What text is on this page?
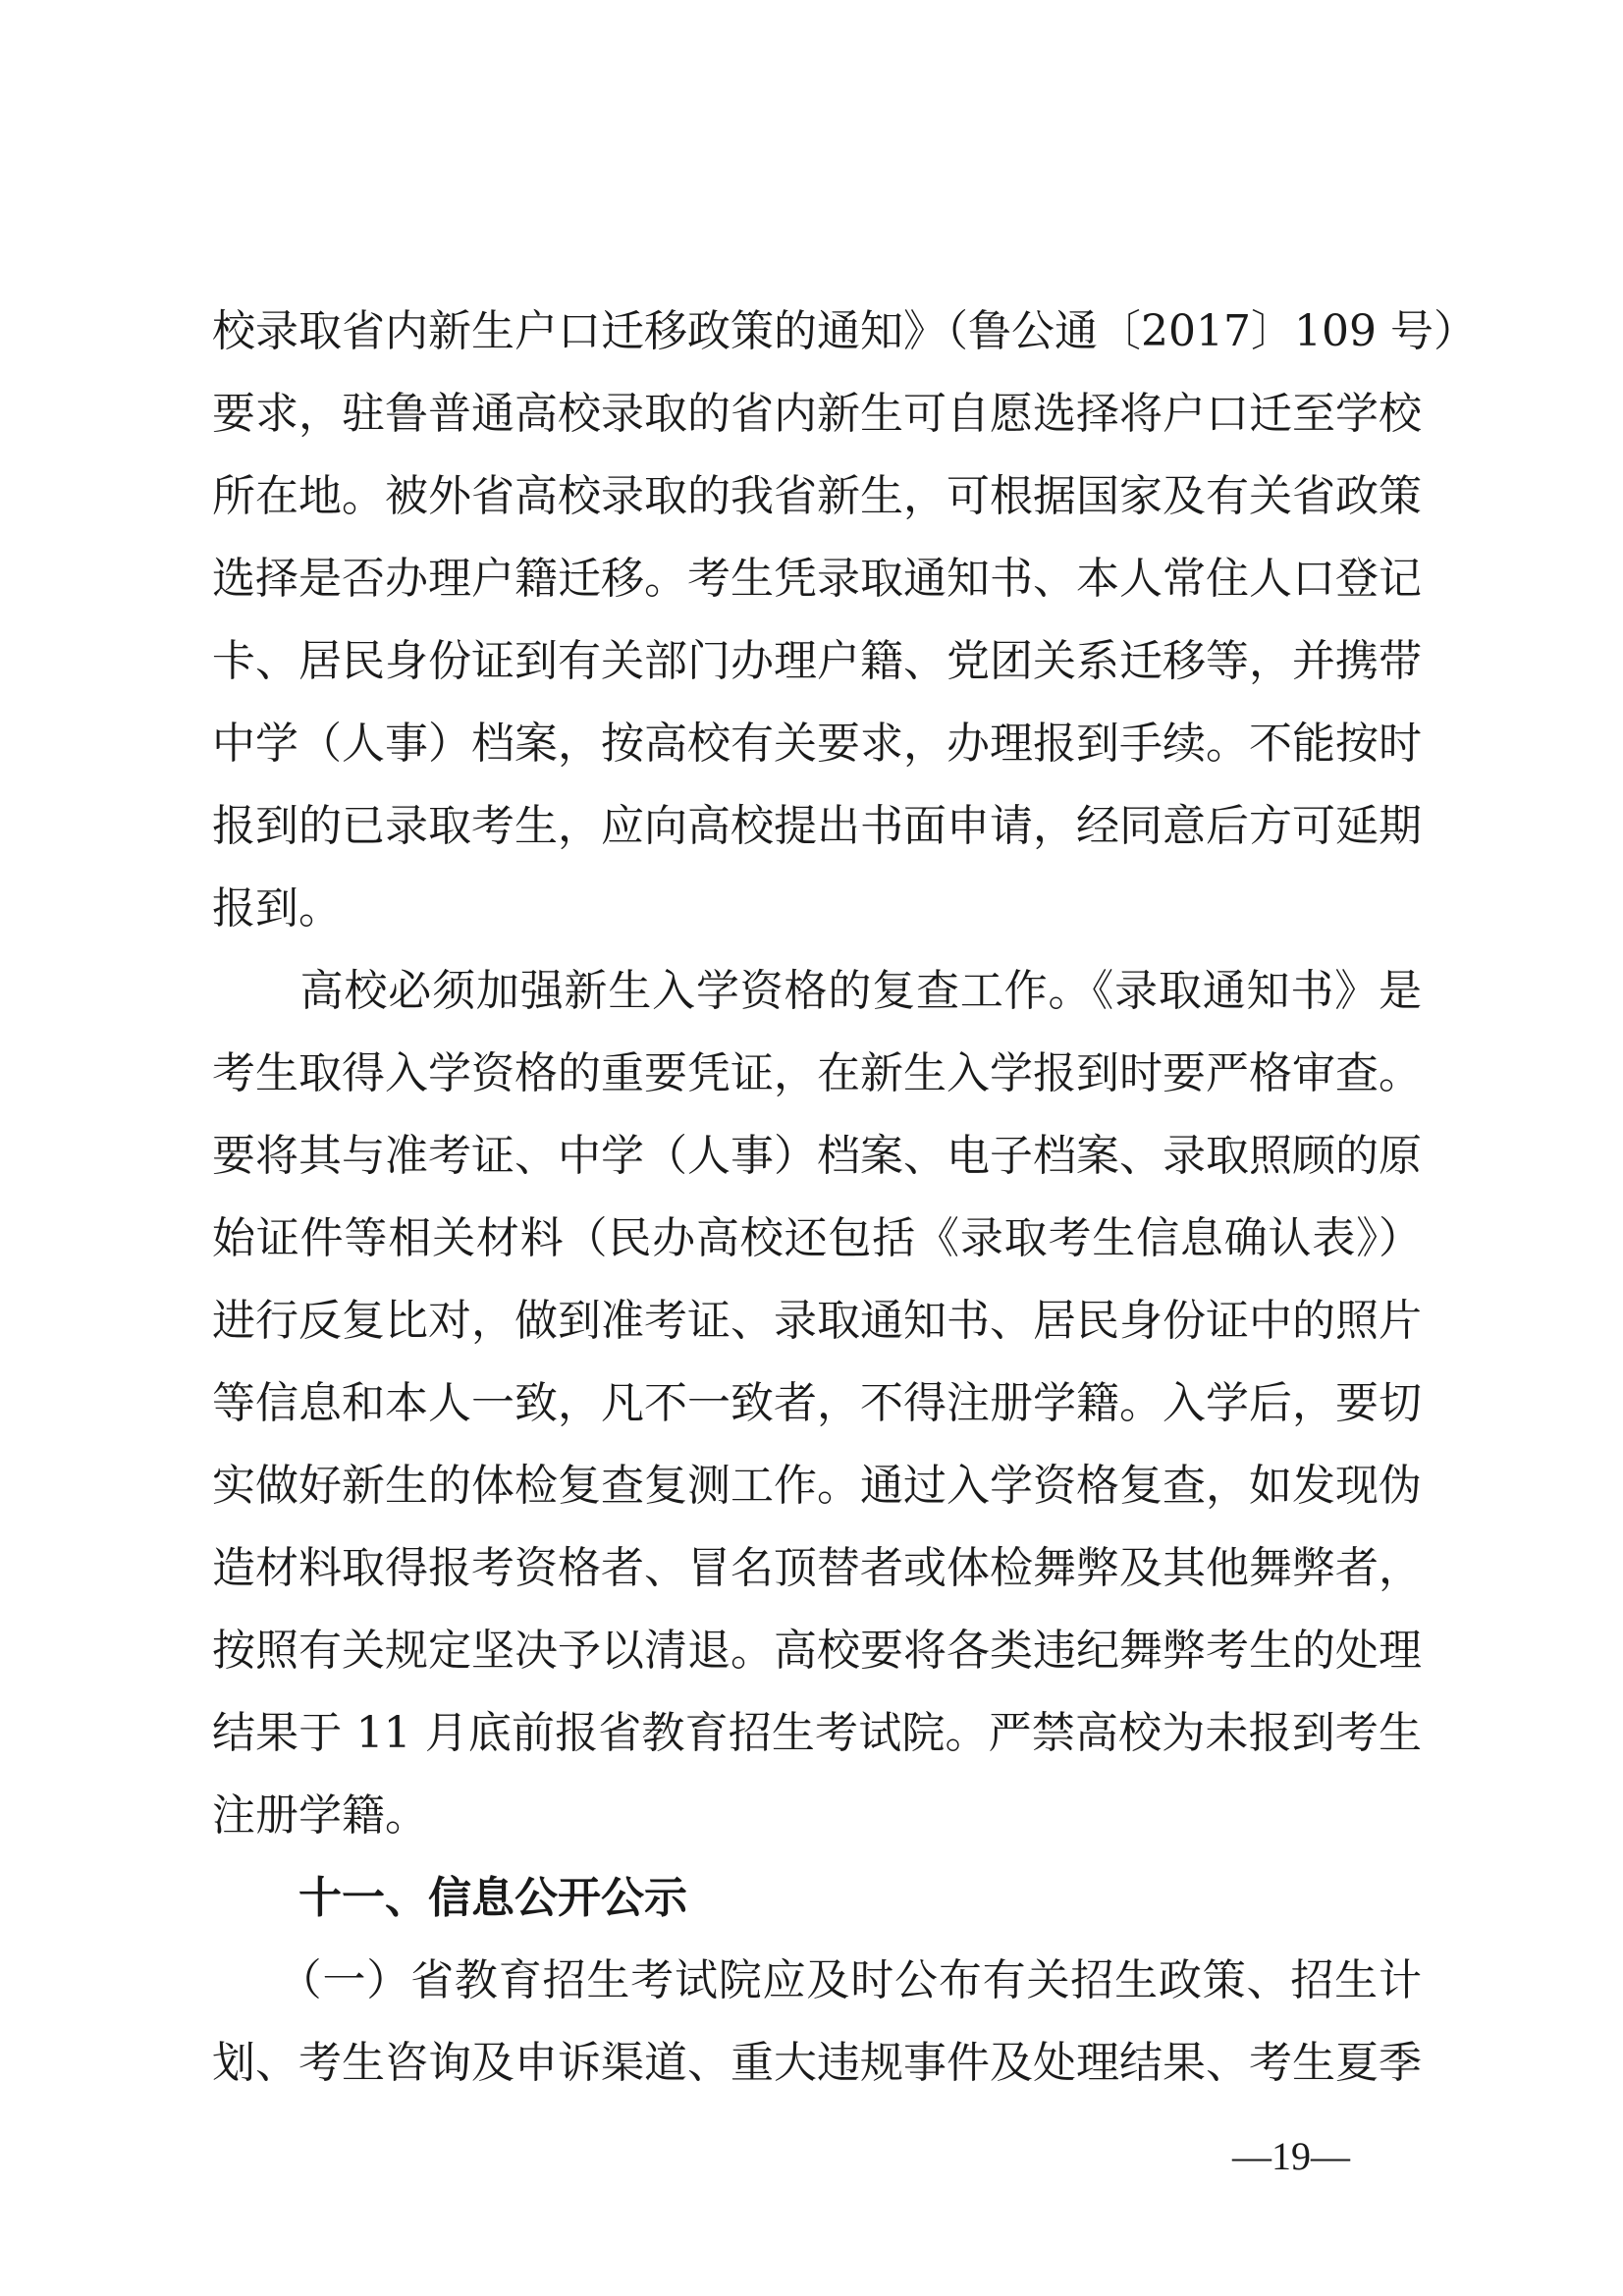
校录取省内新生户口迁移政策的通知》（鲁公通〔2017〕109 号）
要求，驻鲁普通高校录取的省内新生可自愿选择将户口迁至学校
所在地。被外省高校录取的我省新生，可根据国家及有关省政策
选择是否办理户籍迁移。考生凭录取通知书、本人常住人口登记
卡、居民身份证到有关部门办理户籍、党团关系迁移等，并携带
中学（人事）档案，按高校有关要求，办理报到手续。不能按时
报到的已录取考生，应向高校提出书面申请，经同意后方可延期
报到。
　　高校必须加强新生入学资格的复查工作。《录取通知书》是
考生取得入学资格的重要凭证，在新生入学报到时要严格审查。
要将其与准考证、中学（人事）档案、电子档案、录取照顾的原
始证件等相关材料（民办高校还包括《录取考生信息确认表》）
进行反复比对，做到准考证、录取通知书、居民身份证中的照片
等信息和本人一致，凡不一致者，不得注册学籍。入学后，要切
实做好新生的体检复查复测工作。通过入学资格复查，如发现伪
造材料取得报考资格者、冒名顶替者或体检舞弊及其他舞弊者，
按照有关规定坚决予以清退。高校要将各类违纪舞弊考生的处理
结果于 11 月底前报省教育招生考试院。严禁高校为未报到考生
注册学籍。
　　十一、信息公开公示
　　（一）省教育招生考试院应及时公布有关招生政策、招生计
划、考生咨询及申诉渠道、重大违规事件及处理结果、考生夏季
—19—
